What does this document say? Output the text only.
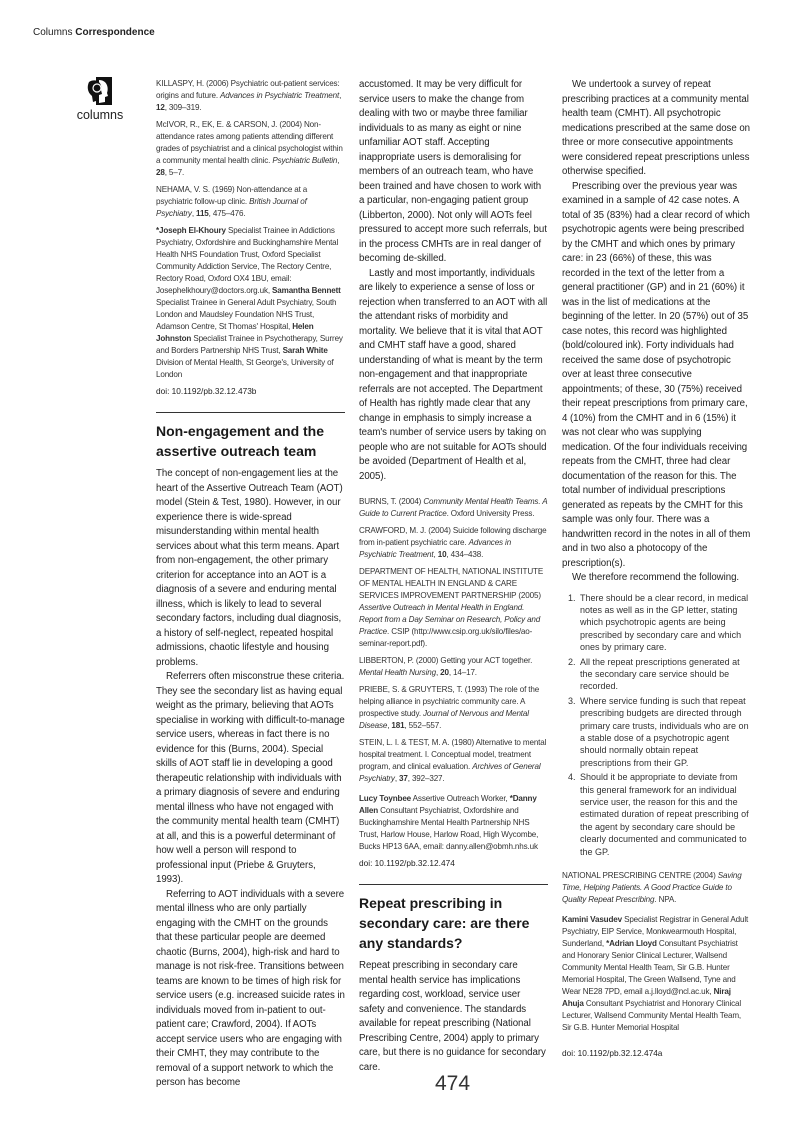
Columns Correspondence
columns

KILLASPY, H. (2006) Psychiatric out-patient services: origins and future. Advances in Psychiatric Treatment, 12, 309–319.

McIVOR, R., EK, E. & CARSON, J. (2004) Non-attendance rates among patients attending different grades of psychiatrist and a clinical psychologist within a community mental health clinic. Psychiatric Bulletin, 28, 5–7.

NEHAMA, V. S. (1969) Non-attendance at a psychiatric follow-up clinic. British Journal of Psychiatry, 115, 475–476.

*Joseph El-Khoury Specialist Trainee in Addictions Psychiatry, Oxfordshire and Buckinghamshire Mental Health NHS Foundation Trust, Oxford Specialist Community Addiction Service, The Rectory Centre, Rectory Road, Oxford OX4 1BU, email: Josephelkhoury@doctors.org.uk, Samantha Bennett Specialist Trainee in General Adult Psychiatry, South London and Maudsley Foundation NHS Trust, Adamson Centre, St Thomas' Hospital, Helen Johnston Specialist Trainee in Psychotherapy, Surrey and Borders Partnership NHS Trust, Sarah White Division of Mental Health, St George's, University of London
doi: 10.1192/pb.32.12.473b
Non-engagement and the assertive outreach team

The concept of non-engagement lies at the heart of the Assertive Outreach Team (AOT) model (Stein & Test, 1980). However, in our experience there is wide-spread misunderstanding within mental health services about what this term means. Apart from non-engagement, the other primary criterion for acceptance into an AOT is a diagnosis of a severe and enduring mental illness, which is likely to lead to several secondary factors, including dual diagnosis, a history of self-neglect, repeated hospital admissions, chaotic lifestyle and housing problems.

Referrers often misconstrue these criteria. They see the secondary list as having equal weight as the primary, believing that AOTs specialise in working with difficult-to-manage service users, whereas in fact there is no evidence for this (Burns, 2004). Special skills of AOT staff lie in developing a good therapeutic relationship with individuals with a primary diagnosis of severe and enduring mental illness who have not engaged with the community mental health team (CMHT) at all, and this is a powerful determinant of how well a person will respond to professional input (Priebe & Gruyters, 1993).

Referring to AOT individuals with a severe mental illness who are only partially engaging with the CMHT on the grounds that these particular people are deemed chaotic (Burns, 2004), high-risk and hard to manage is not risk-free. Transitions between teams are known to be times of high risk for service users (e.g. increased suicide rates in individuals moved from in-patient to out-patient care; Crawford, 2004). If AOTs accept service users who are engaging with their CMHT, they may contribute to the removal of a support network to which the person has become

accustomed. It may be very difficult for service users to make the change from dealing with two or maybe three familiar individuals to as many as eight or nine unfamiliar AOT staff. Accepting inappropriate users is demoralising for members of an outreach team, who have been trained and have chosen to work with a particular, non-engaging patient group (Libberton, 2000). Not only will AOTs feel pressured to accept more such referrals, but in the process CMHTs are in real danger of becoming de-skilled.

Lastly and most importantly, individuals are likely to experience a sense of loss or rejection when transferred to an AOT with all the attendant risks of morbidity and mortality. We believe that it is vital that AOT and CMHT staff have a good, shared understanding of what is meant by the term non-engagement and that inappropriate referrals are not accepted. The Department of Health has rightly made clear that any change in emphasis to simply increase a team's number of service users by taking on people who are not suitable for AOTs should be avoided (Department of Health et al, 2005).

BURNS, T. (2004) Community Mental Health Teams. A Guide to Current Practice. Oxford University Press.

CRAWFORD, M. J. (2004) Suicide following discharge from in-patient psychiatric care. Advances in Psychiatric Treatment, 10, 434–438.

DEPARTMENT OF HEALTH, NATIONAL INSTITUTE OF MENTAL HEALTH IN ENGLAND & CARE SERVICES IMPROVEMENT PARTNERSHIP (2005) Assertive Outreach in Mental Health in England. Report from a Day Seminar on Research, Policy and Practice. CSIP (http://www.csip.org.uk/silo/files/ao-seminar-report.pdf).

LIBBERTON, P. (2000) Getting your ACT together. Mental Health Nursing, 20, 14–17.

PRIEBE, S. & GRUYTERS, T. (1993) The role of the helping alliance in psychiatric community care. A prospective study. Journal of Nervous and Mental Disease, 181, 552–557.

STEIN, L. I. & TEST, M. A. (1980) Alternative to mental hospital treatment. I. Conceptual model, treatment program, and clinical evaluation. Archives of General Psychiatry, 37, 392–327.

Lucy Toynbee Assertive Outreach Worker, *Danny Allen Consultant Psychiatrist, Oxfordshire and Buckinghamshire Mental Health Partnership NHS Trust, Harlow House, Harlow Road, High Wycombe, Bucks HP13 6AA, email: danny.allen@obmh.nhs.uk
doi: 10.1192/pb.32.12.474
Repeat prescribing in secondary care: are there any standards?

Repeat prescribing in secondary care mental health service has implications regarding cost, workload, service user safety and convenience. The standards available for repeat prescribing (National Prescribing Centre, 2004) apply to primary care, but there is no guidance for secondary care.

We undertook a survey of repeat prescribing practices at a community mental health team (CMHT). All psychotropic medications prescribed at the same dose on three or more consecutive appointments were considered repeat prescriptions unless otherwise specified.

Prescribing over the previous year was examined in a sample of 42 case notes. A total of 35 (83%) had a clear record of which psychotropic agents were being prescribed by the CMHT and which ones by primary care: in 23 (66%) of these, this was recorded in the text of the letter from a general practitioner (GP) and in 21 (60%) it was in the list of medications at the beginning of the letter. In 20 (57%) out of 35 case notes, this record was highlighted (bold/coloured ink). Forty individuals had received the same dose of psychotropic over at least three consecutive appointments; of these, 30 (75%) received their repeat prescriptions from primary care, 4 (10%) from the CMHT and in 6 (15%) it was not clear who was supplying medication. Of the four individuals receiving repeats from the CMHT, three had clear documentation of the reason for this. The total number of individual prescriptions generated as repeats by the CMHT for this sample was only four. There was a handwritten record in the notes in all of them and in two also a photocopy of the prescription(s).

We therefore recommend the following.

1. There should be a clear record, in medical notes as well as in the GP letter, stating which psychotropic agents are being prescribed by secondary care and which ones by primary care.
2. All the repeat prescriptions generated at the secondary care service should be recorded.
3. Where service funding is such that repeat prescribing budgets are directed through primary care trusts, individuals who are on a stable dose of a psychotropic agent should normally obtain repeat prescriptions from their GP.
4. Should it be appropriate to deviate from this general framework for an individual service user, the reason for this and the estimated duration of repeat prescribing of the agent by secondary care should be clearly documented and communicated to the GP.

NATIONAL PRESCRIBING CENTRE (2004) Saving Time, Helping Patients. A Good Practice Guide to Quality Repeat Prescribing. NPA.

Kamini Vasudev Specialist Registrar in General Adult Psychiatry, EIP Service, Monkwearmouth Hospital, Sunderland, *Adrian Lloyd Consultant Psychiatrist and Honorary Senior Clinical Lecturer, Wallsend Community Mental Health Team, Sir G.B. Hunter Memorial Hospital, The Green Wallsend, Tyne and Wear NE28 7PD, email a.j.lloyd@ncl.ac.uk, Niraj Ahuja Consultant Psychiatrist and Honorary Clinical Lecturer, Wallsend Community Mental Health Team, Sir G.B. Hunter Memorial Hospital
doi: 10.1192/pb.32.12.474a
474
